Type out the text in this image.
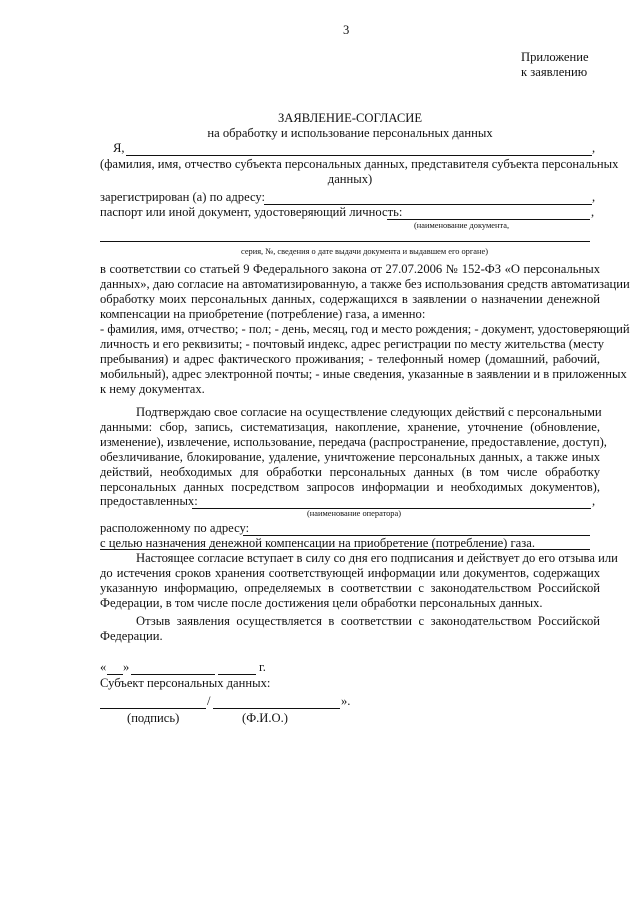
3
Приложение
к заявлению
ЗАЯВЛЕНИЕ-СОГЛАСИЕ
на обработку и использование персональных данных
Я,	,
(фамилия, имя, отчество субъекта персональных данных, представителя субъекта персональных
данных)
зарегистрирован (а) по адресу:	,
паспорт или иной документ, удостоверяющий личность:	,
(наименование документа,
серия, №, сведения о дате выдачи документа и выдавшем его органе)
в соответствии со статьей 9 Федерального закона от 27.07.2006 № 152-ФЗ «О персональных
данных», даю согласие на автоматизированную, а также без использования средств автоматизации
обработку моих персональных данных, содержащихся в заявлении о назначении денежной
компенсации на приобретение (потребление) газа, а именно:
- фамилия, имя, отчество; - пол; - день, месяц, год и место рождения; - документ, удостоверяющий
личность и его реквизиты; - почтовый индекс, адрес регистрации по месту жительства (месту
пребывания) и адрес фактического проживания; - телефонный номер (домашний, рабочий,
мобильный), адрес электронной почты; - иные сведения, указанные в заявлении и в приложенных
к нему документах.
Подтверждаю свое согласие на осуществление следующих действий с персональными
данными: сбор, запись, систематизация, накопление, хранение, уточнение (обновление,
изменение), извлечение, использование, передача (распространение, предоставление, доступ),
обезличивание, блокирование, удаление, уничтожение персональных данных, а также иных
действий, необходимых для обработки персональных данных (в том числе обработку
персональных данных посредством запросов информации и необходимых документов),
предоставленных:	,
(наименование оператора)
расположенному по адресу:
с целью назначения денежной компенсации на приобретение (потребление) газа.
Настоящее согласие вступает в силу со дня его подписания и действует до его отзыва или
до истечения сроков хранения соответствующей информации или документов, содержащих
указанную информацию, определяемых в соответствии с законодательством Российской
Федерации, в том числе после достижения цели обработки персональных данных.
Отзыв заявления осуществляется в соответствии с законодательством Российской
Федерации.
« »	г.
Субъект персональных данных:
/	».
(подпись)	(Ф.И.О.)
